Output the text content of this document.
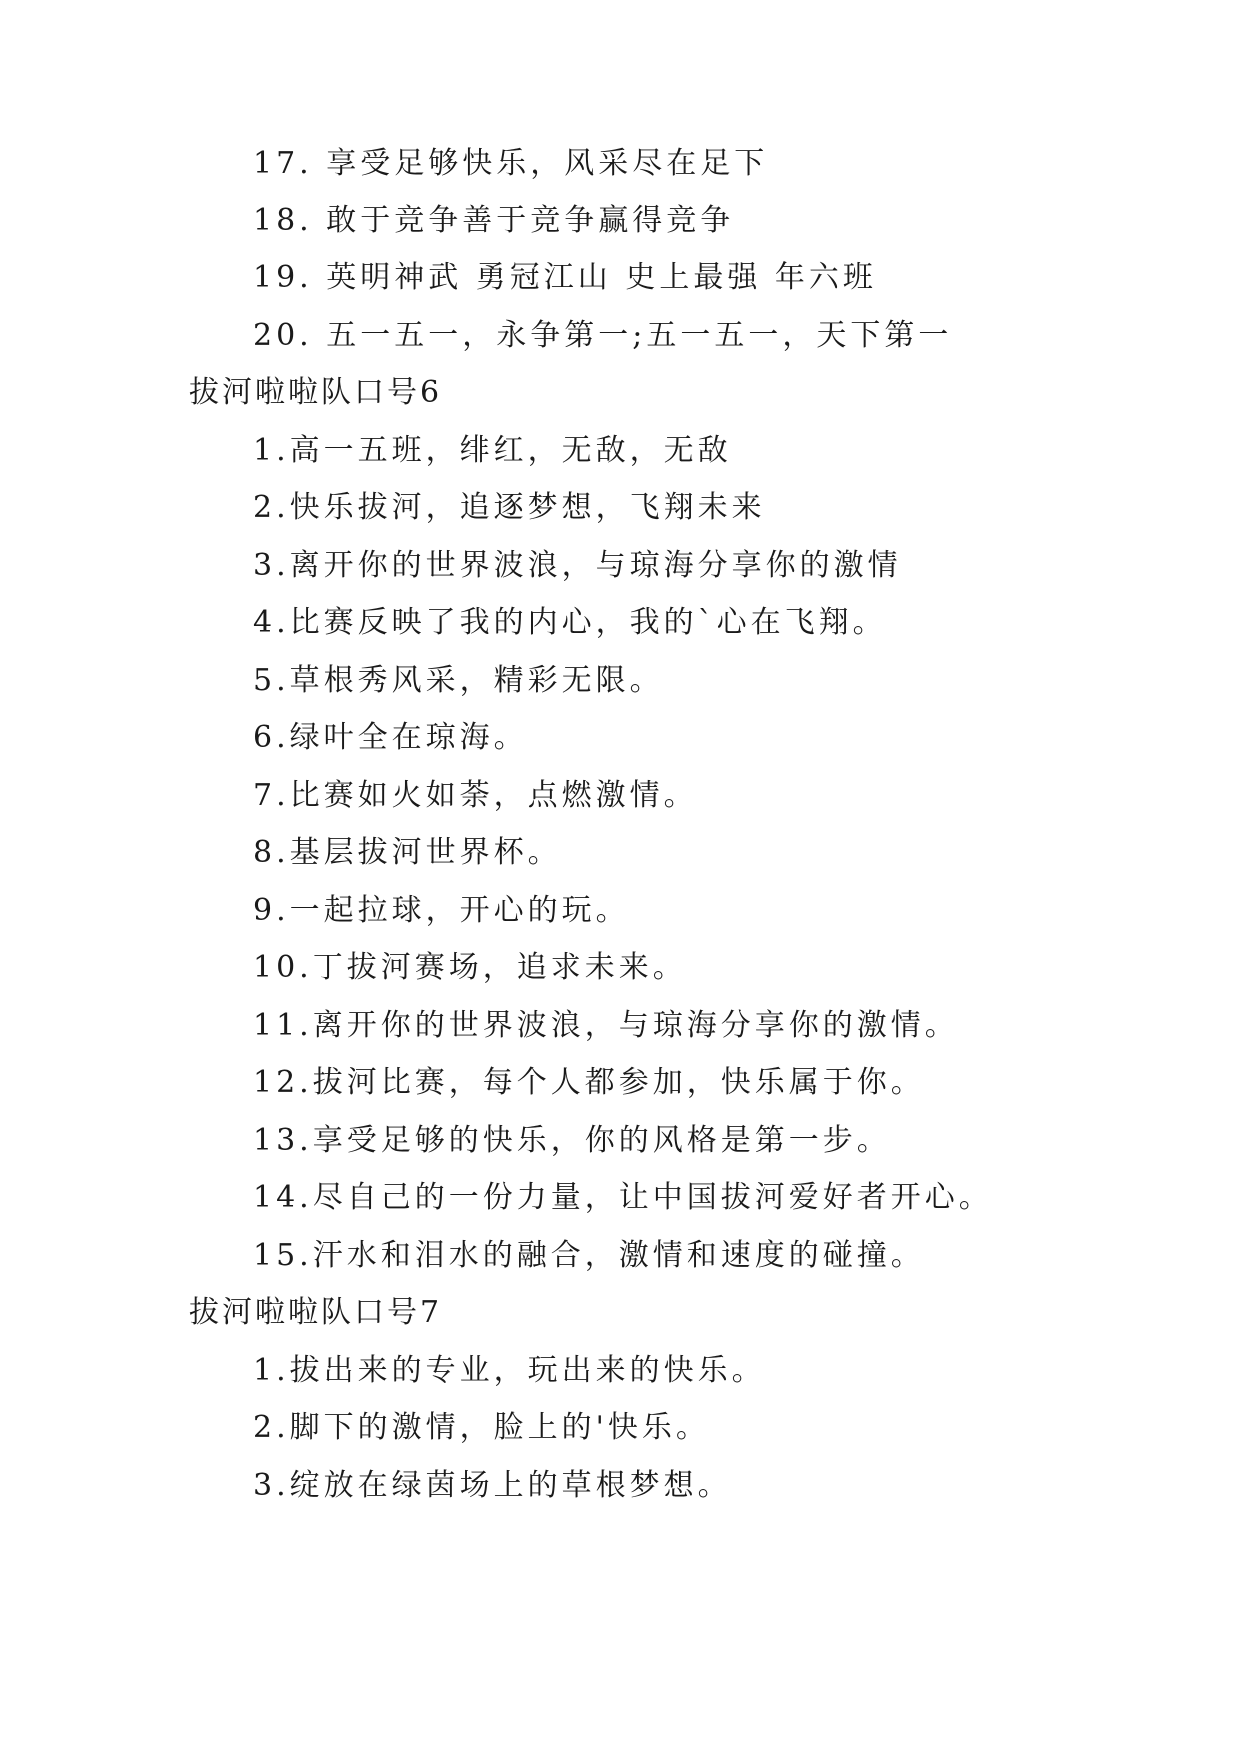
17. 享受足够快乐，风采尽在足下
18. 敢于竞争善于竞争赢得竞争
19. 英明神武 勇冠江山 史上最强 年六班
20. 五一五一，永争第一;五一五一，天下第一
拔河啦啦队口号6
1.高一五班，绯红，无敌，无敌
2.快乐拔河，追逐梦想，飞翔未来
3.离开你的世界波浪，与琼海分享你的激情
4.比赛反映了我的内心，我的`心在飞翔。
5.草根秀风采，精彩无限。
6.绿叶全在琼海。
7.比赛如火如荼，点燃激情。
8.基层拔河世界杯。
9.一起拉球，开心的玩。
10.丁拔河赛场，追求未来。
11.离开你的世界波浪，与琼海分享你的激情。
12.拔河比赛，每个人都参加，快乐属于你。
13.享受足够的快乐，你的风格是第一步。
14.尽自己的一份力量，让中国拔河爱好者开心。
15.汗水和泪水的融合，激情和速度的碰撞。
拔河啦啦队口号7
1.拔出来的专业，玩出来的快乐。
2.脚下的激情，脸上的'快乐。
3.绽放在绿茵场上的草根梦想。
